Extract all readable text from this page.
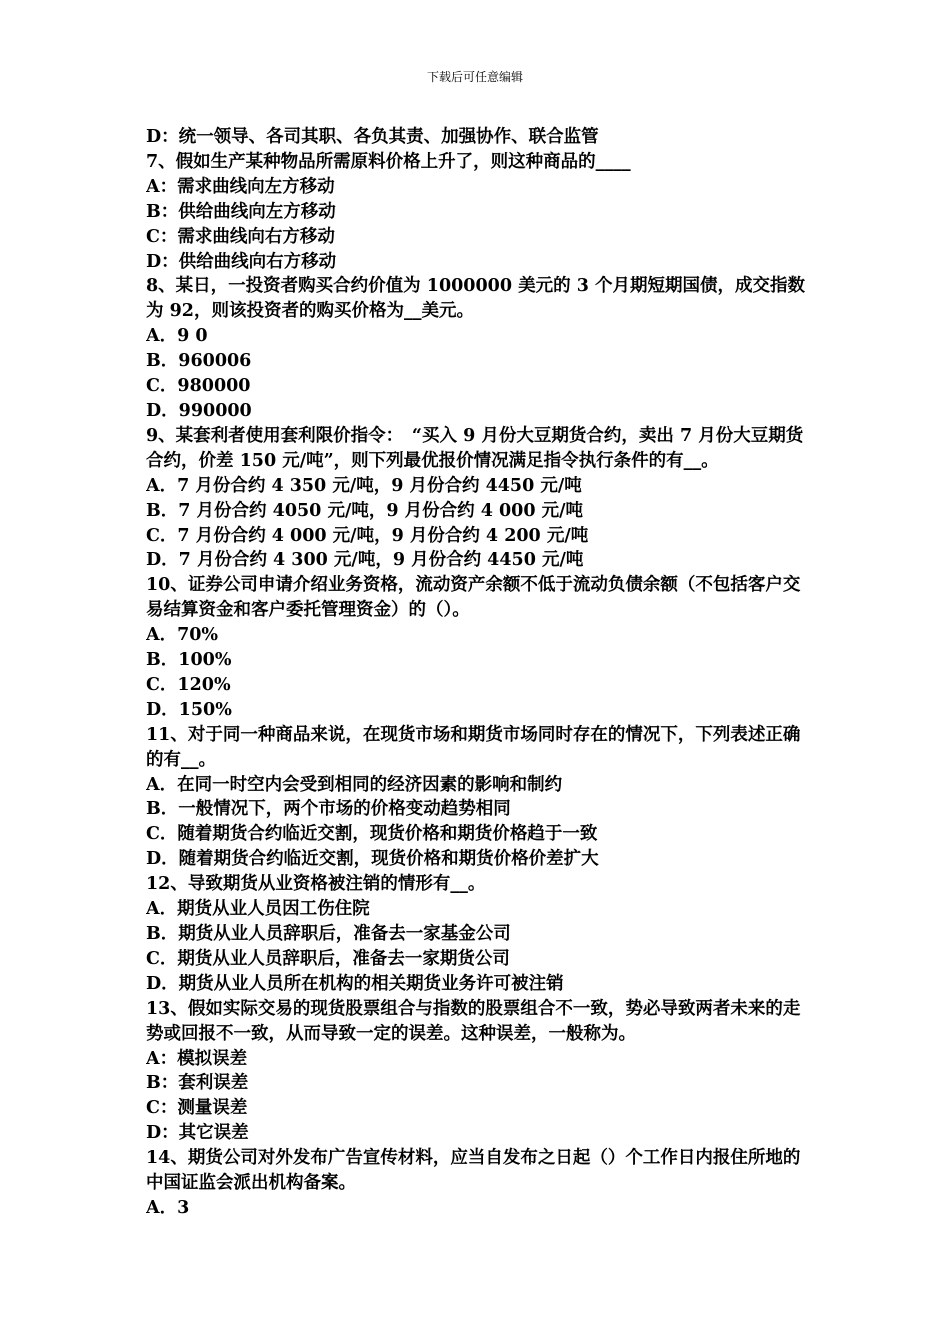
下载后可任意编辑
D：统一领导、各司其职、各负其责、加强协作、联合监管
7、假如生产某种物品所需原料价格上升了，则这种商品的____
A：需求曲线向左方移动
B：供给曲线向左方移动
C：需求曲线向右方移动
D：供给曲线向右方移动
8、某日，一投资者购买合约价值为 1000000 美元的 3 个月期短期国债，成交指数为 92，则该投资者的购买价格为__美元。
A．9 0
B．960006
C．980000
D．990000
9、某套利者使用套利限价指令：　“买入 9 月份大豆期货合约，卖出 7 月份大豆期货合约，价差 150 元/吨”，则下列最优报价情况满足指令执行条件的有__。
A．7 月份合约 4 350 元/吨，9 月份合约 4450 元/吨
B．7 月份合约 4050 元/吨，9 月份合约 4 000 元/吨
C．7 月份合约 4 000 元/吨，9 月份合约 4 200 元/吨
D．7 月份合约 4 300 元/吨，9 月份合约 4450 元/吨
10、证券公司申请介绍业务资格，流动资产余额不低于流动负债余额（不包括客户交易结算资金和客户委托管理资金）的（）。
A．70%
B．100%
C．120%
D．150%
11、对于同一种商品来说，在现货市场和期货市场同时存在的情况下，下列表述正确的有__。
A．在同一时空内会受到相同的经济因素的影响和制约
B．一般情况下，两个市场的价格变动趋势相同
C．随着期货合约临近交割，现货价格和期货价格趋于一致
D．随着期货合约临近交割，现货价格和期货价格价差扩大
12、导致期货从业资格被注销的情形有__。
A．期货从业人员因工伤住院
B．期货从业人员辞职后，准备去一家基金公司
C．期货从业人员辞职后，准备去一家期货公司
D．期货从业人员所在机构的相关期货业务许可被注销
13、假如实际交易的现货股票组合与指数的股票组合不一致，势必导致两者未来的走势或回报不一致，从而导致一定的误差。这种误差，一般称为。
A：模拟误差
B：套利误差
C：测量误差
D：其它误差
14、期货公司对外发布广告宣传材料，应当自发布之日起（）个工作日内报住所地的中国证监会派出机构备案。
A．3
